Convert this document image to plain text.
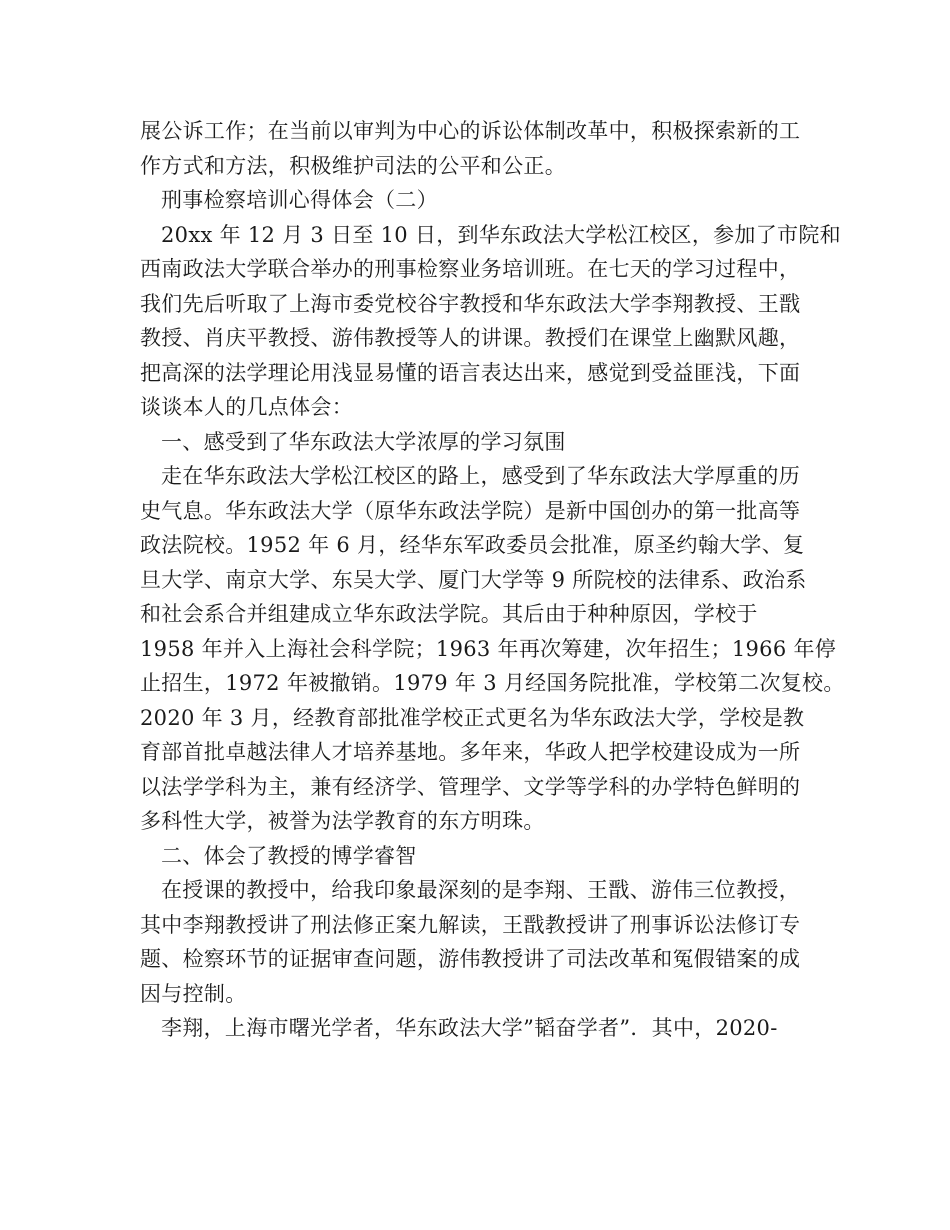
展公诉工作；在当前以审判为中心的诉讼体制改革中，积极探索新的工
作方式和方法，积极维护司法的公平和公正。
刑事检察培训心得体会（二）
20xx 年 12 月 3 日至 10 日，到华东政法大学松江校区，参加了市院和
西南政法大学联合举办的刑事检察业务培训班。在七天的学习过程中，
我们先后听取了上海市委党校谷宇教授和华东政法大学李翔教授、王戬
教授、肖庆平教授、游伟教授等人的讲课。教授们在课堂上幽默风趣，
把高深的法学理论用浅显易懂的语言表达出来，感觉到受益匪浅，下面
谈谈本人的几点体会：
一、感受到了华东政法大学浓厚的学习氛围
走在华东政法大学松江校区的路上，感受到了华东政法大学厚重的历
史气息。华东政法大学（原华东政法学院）是新中国创办的第一批高等
政法院校。1952 年 6 月，经华东军政委员会批准，原圣约翰大学、复
旦大学、南京大学、东吴大学、厦门大学等 9 所院校的法律系、政治系
和社会系合并组建成立华东政法学院。其后由于种种原因，学校于
1958 年并入上海社会科学院；1963 年再次筹建，次年招生；1966 年停
止招生，1972 年被撤销。1979 年 3 月经国务院批准，学校第二次复校。
2020 年 3 月，经教育部批准学校正式更名为华东政法大学，学校是教
育部首批卓越法律人才培养基地。多年来，华政人把学校建设成为一所
以法学学科为主，兼有经济学、管理学、文学等学科的办学特色鲜明的
多科性大学，被誉为法学教育的东方明珠。
二、体会了教授的博学睿智
在授课的教授中，给我印象最深刻的是李翔、王戬、游伟三位教授，
其中李翔教授讲了刑法修正案九解读，王戬教授讲了刑事诉讼法修订专
题、检察环节的证据审查问题，游伟教授讲了司法改革和冤假错案的成
因与控制。
李翔，上海市曙光学者，华东政法大学”韬奋学者”．其中，2020-
